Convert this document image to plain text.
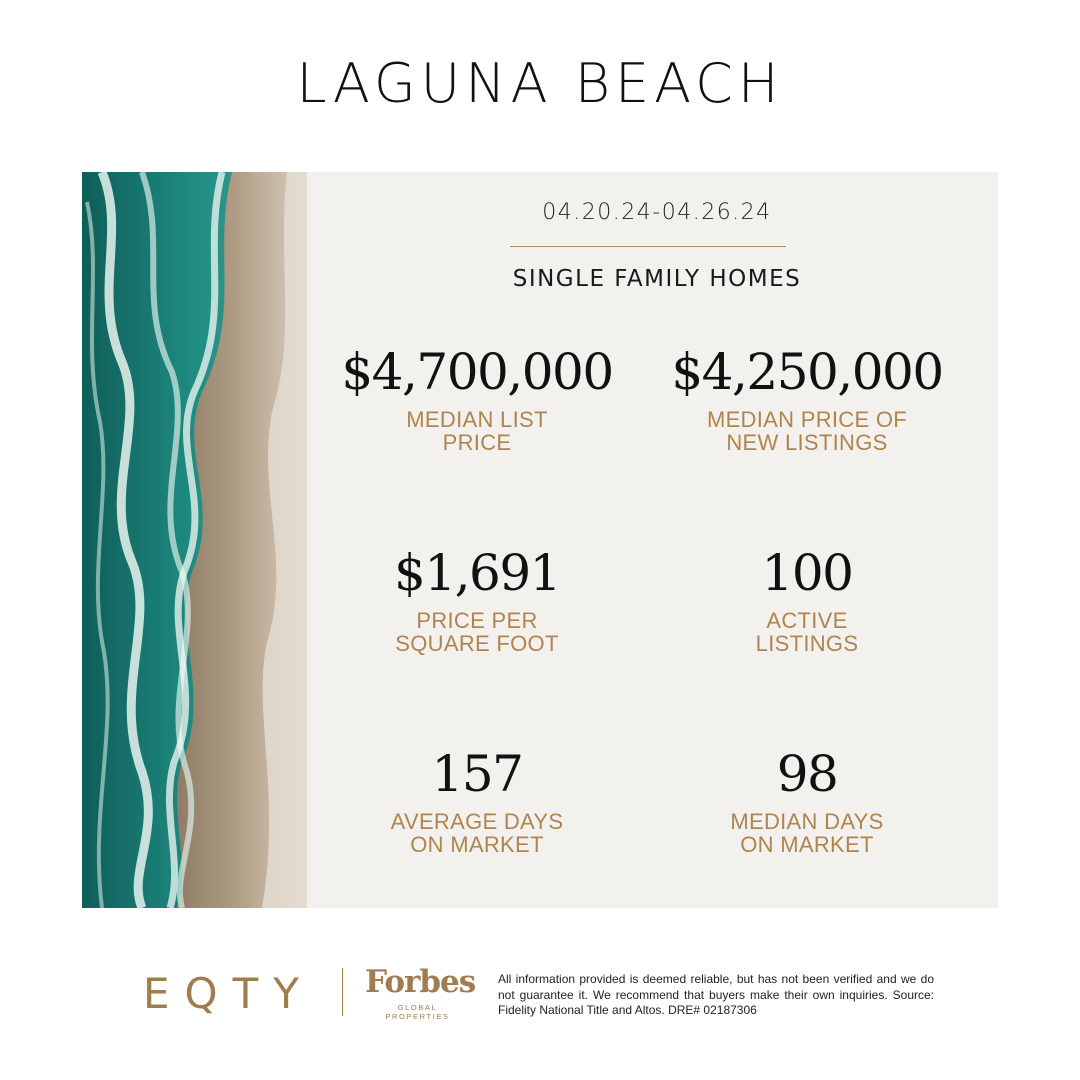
LAGUNA BEACH
04.20.24-04.26.24
SINGLE FAMILY HOMES
$4,700,000
MEDIAN LIST
PRICE
$4,250,000
MEDIAN PRICE OF
NEW LISTINGS
$1,691
PRICE PER
SQUARE FOOT
100
ACTIVE
LISTINGS
157
AVERAGE DAYS
ON MARKET
98
MEDIAN DAYS
ON MARKET
EQTY Forbes
GLOBAL PROPERTIES
All information provided is deemed reliable, but has not been verified and we do not guarantee it. We recommend that buyers make their own inquiries. Source: Fidelity National Title and Altos. DRE# 02187306
